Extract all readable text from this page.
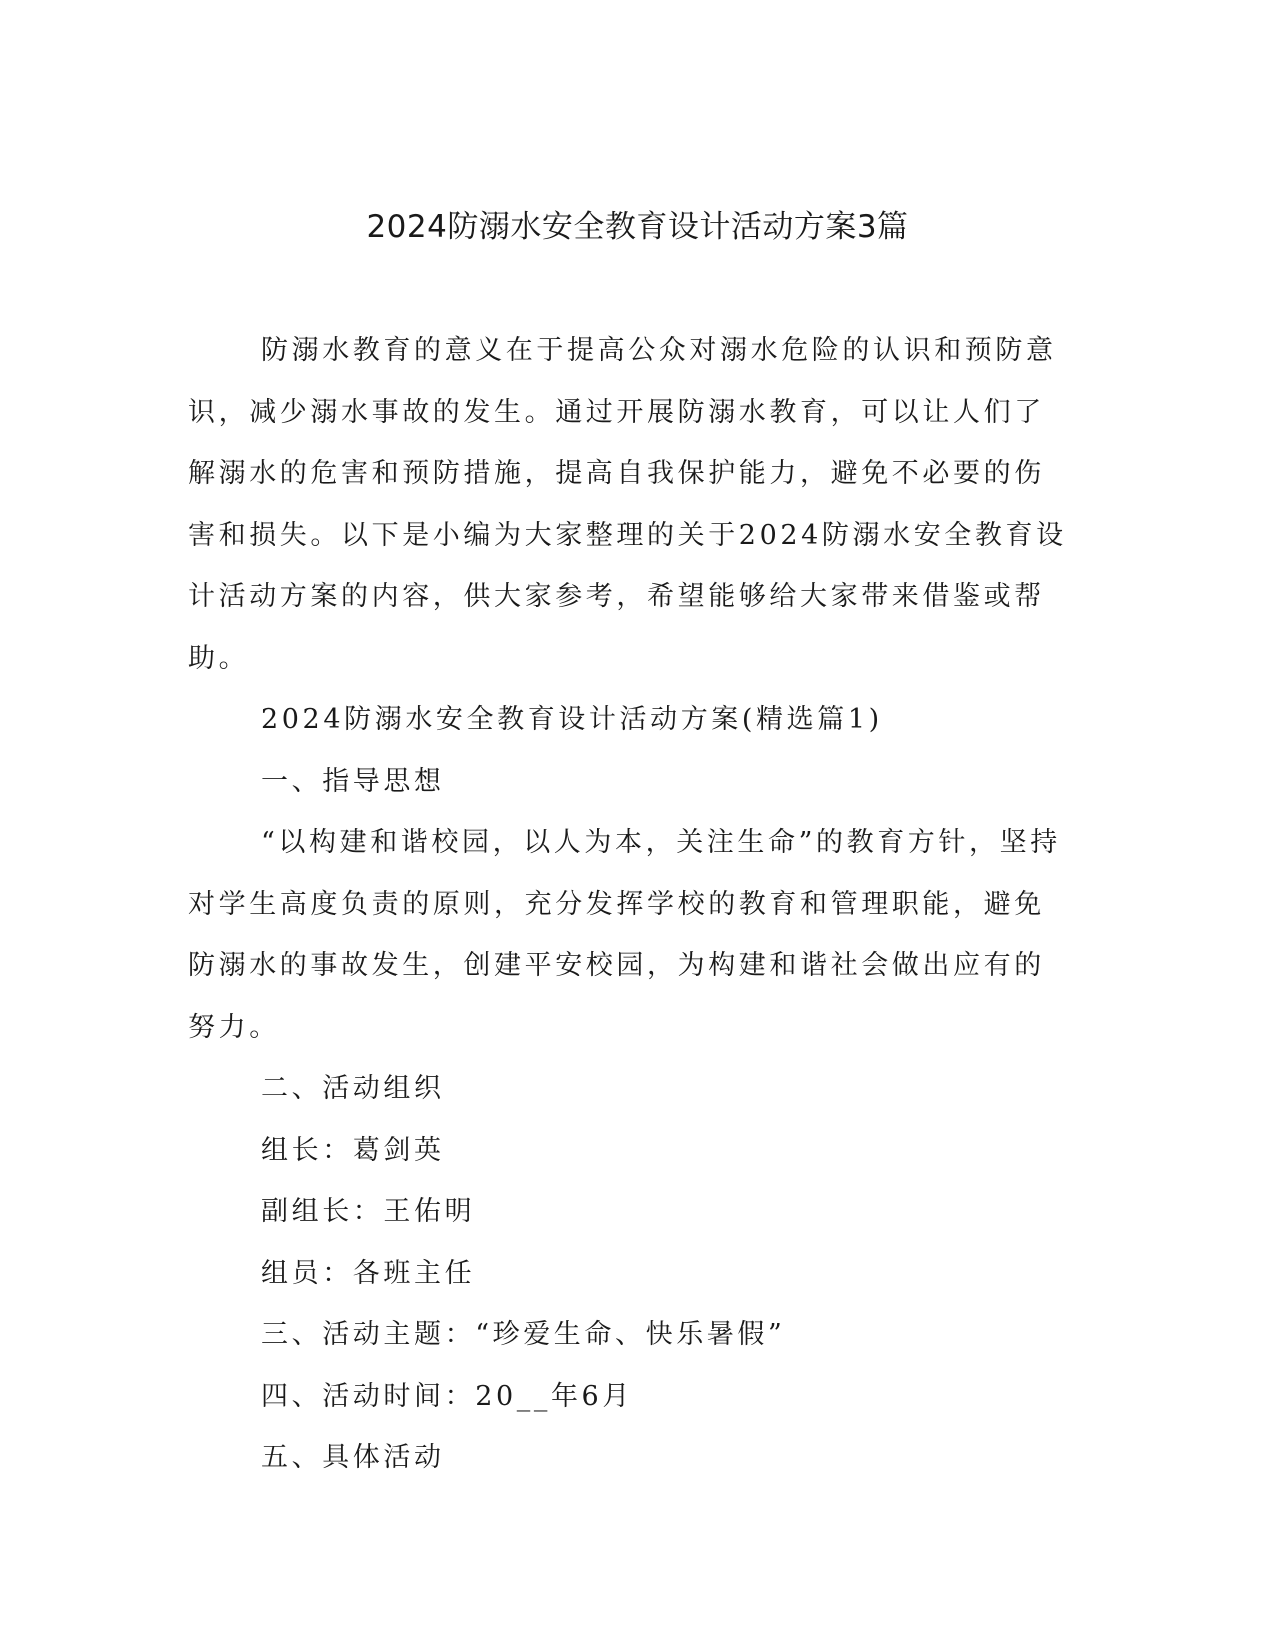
2024防溺水安全教育设计活动方案3篇

防溺水教育的意义在于提高公众对溺水危险的认识和预防意识，减少溺水事故的发生。通过开展防溺水教育，可以让人们了解溺水的危害和预防措施，提高自我保护能力，避免不必要的伤害和损失。以下是小编为大家整理的关于2024防溺水安全教育设计活动方案的内容，供大家参考，希望能够给大家带来借鉴或帮助。

2024防溺水安全教育设计活动方案(精选篇1)

一、指导思想

“以构建和谐校园，以人为本，关注生命”的教育方针，坚持对学生高度负责的原则，充分发挥学校的教育和管理职能，避免防溺水的事故发生，创建平安校园，为构建和谐社会做出应有的努力。

二、活动组织

组长：葛剑英

副组长：王佑明

组员：各班主任

三、活动主题：“珍爱生命、快乐暑假”

四、活动时间：20__年6月

五、具体活动
